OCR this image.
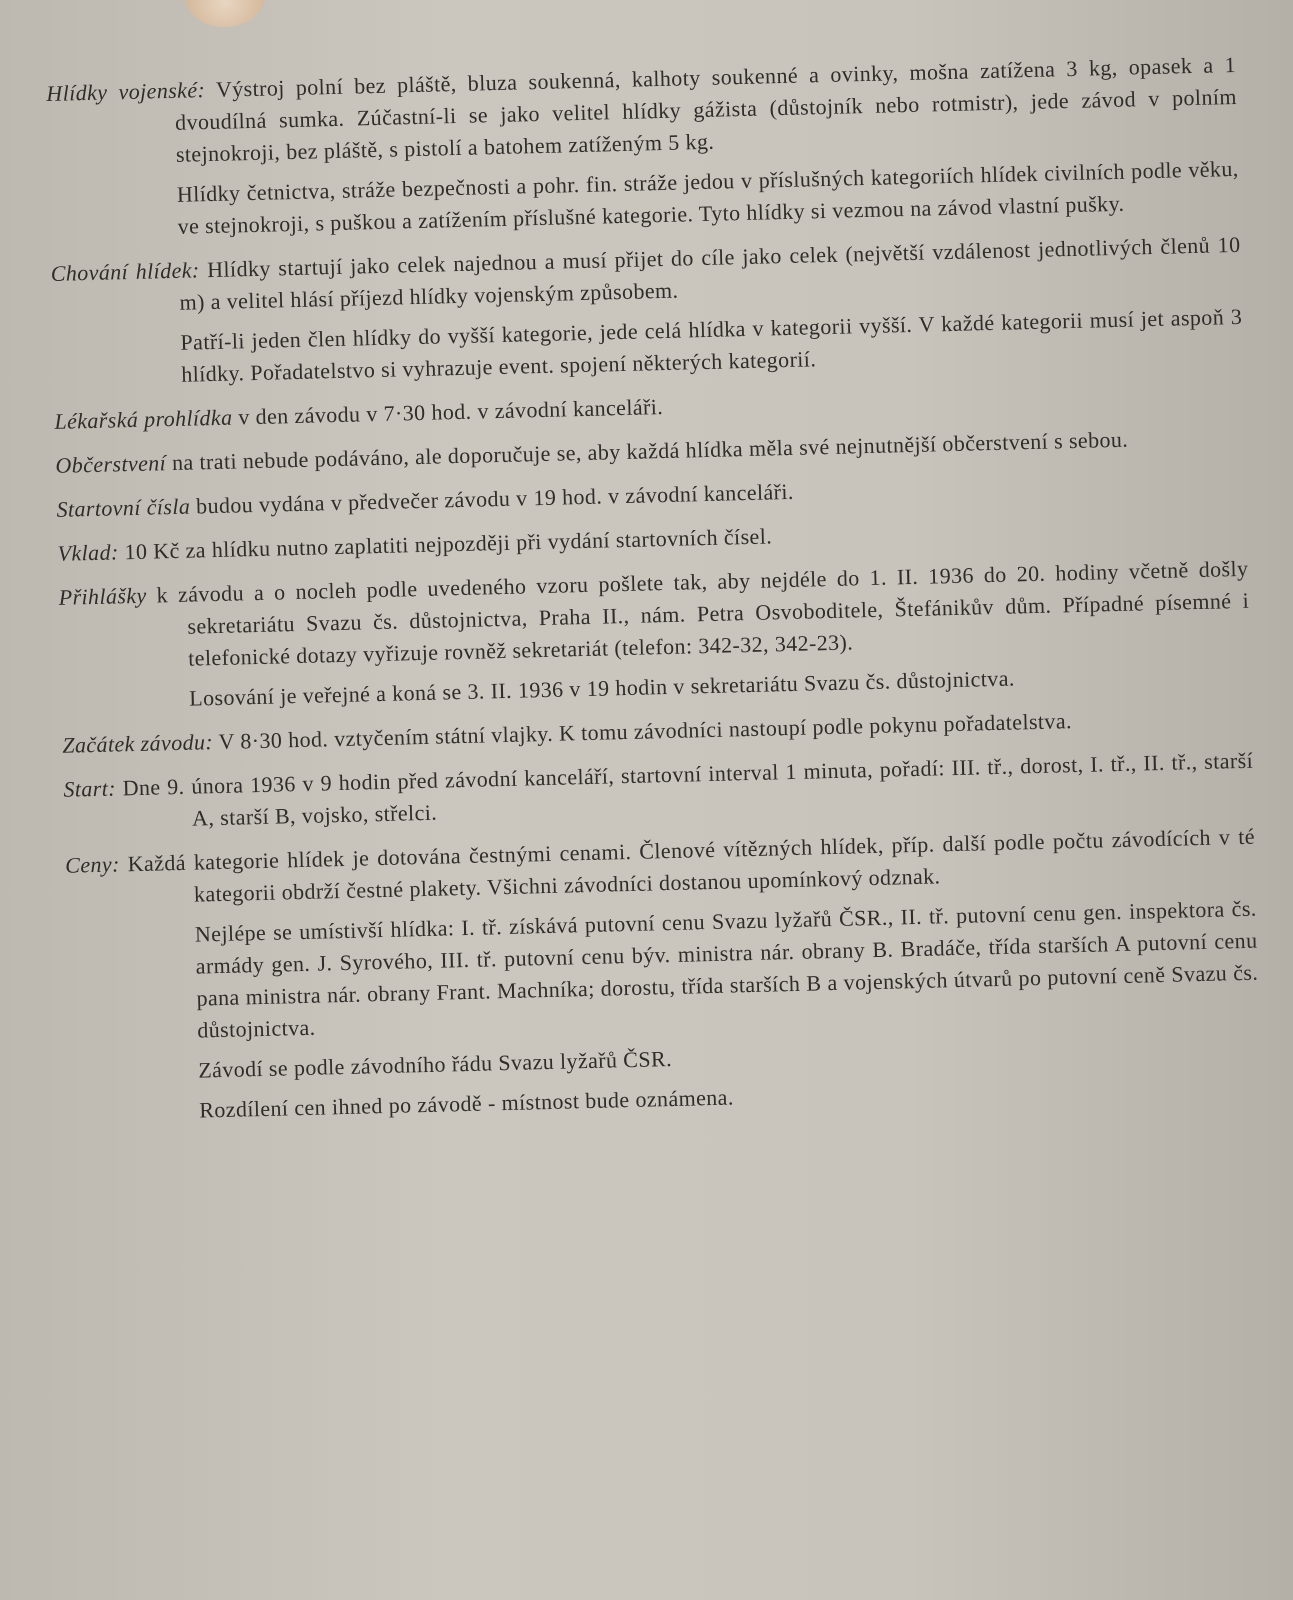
Hlídky vojenské: Výstroj polní bez pláště, bluza soukenná, kalhoty soukenné a ovinky, mošna zatížena 3 kg, opasek a 1 dvoudílná sumka. Zúčastní-li se jako velitel hlídky gážista (důstojník nebo rotmistr), jede závod v polním stejnokroji, bez pláště, s pistolí a batohem zatíženým 5 kg.
Hlídky četnictva, stráže bezpečnosti a pohr. fin. stráže jedou v příslušných kategoriích hlídek civilních podle věku, ve stejnokroji, s puškou a zatížením příslušné kategorie. Tyto hlídky si vezmou na závod vlastní pušky.
Chování hlídek: Hlídky startují jako celek najednou a musí přijet do cíle jako celek (největší vzdálenost jednotlivých členů 10 m) a velitel hlásí příjezd hlídky vojenským způsobem.
Patří-li jeden člen hlídky do vyšší kategorie, jede celá hlídka v kategorii vyšší. V každé kategorii musí jet aspoň 3 hlídky. Pořadatelstvo si vyhrazuje event. spojení některých kategorií.
Lékařská prohlídka v den závodu v 7·30 hod. v závodní kanceláři.
Občerstvení na trati nebude podáváno, ale doporučuje se, aby každá hlídka měla své nejnutnější občerstvení s sebou.
Startovní čísla budou vydána v předvečer závodu v 19 hod. v závodní kanceláři.
Vklad: 10 Kč za hlídku nutno zaplatiti nejpozději při vydání startovních čísel.
Přihlášky k závodu a o nocleh podle uvedeného vzoru pošlete tak, aby nejdéle do 1. II. 1936 do 20. hodiny včetně došly sekretariátu Svazu čs. důstojnictva, Praha II., nám. Petra Osvoboditele, Štefánikův dům. Případné písemné i telefonické dotazy vyřizuje rovněž sekretariát (telefon: 342-32, 342-23).
Losování je veřejné a koná se 3. II. 1936 v 19 hodin v sekretariátu Svazu čs. důstojnictva.
Začátek závodu: V 8·30 hod. vztyčením státní vlajky. K tomu závodníci nastoupí podle pokynu pořadatelstva.
Start: Dne 9. února 1936 v 9 hodin před závodní kanceláří, startovní interval 1 minuta, pořadí: III. tř., dorost, I. tř., II. tř., starší A, starší B, vojsko, střelci.
Ceny: Každá kategorie hlídek je dotována čestnými cenami. Členové vítězných hlídek, příp. další podle počtu závodících v té kategorii obdrží čestné plakety. Všichni závodníci dostanou upomínkový odznak.
Nejlépe se umístivší hlídka: I. tř. získává putovní cenu Svazu lyžařů ČSR., II. tř. putovní cenu gen. inspektora čs. armády gen. J. Syrového, III. tř. putovní cenu býv. ministra nár. obrany B. Bradáče, třída starších A putovní cenu pana ministra nár. obrany Frant. Machníka; dorostu, třída starších B a vojenských útvarů po putovní ceně Svazu čs. důstojnictva.
Závodí se podle závodního řádu Svazu lyžařů ČSR.
Rozdílení cen ihned po závodě - místnost bude oznámena.
